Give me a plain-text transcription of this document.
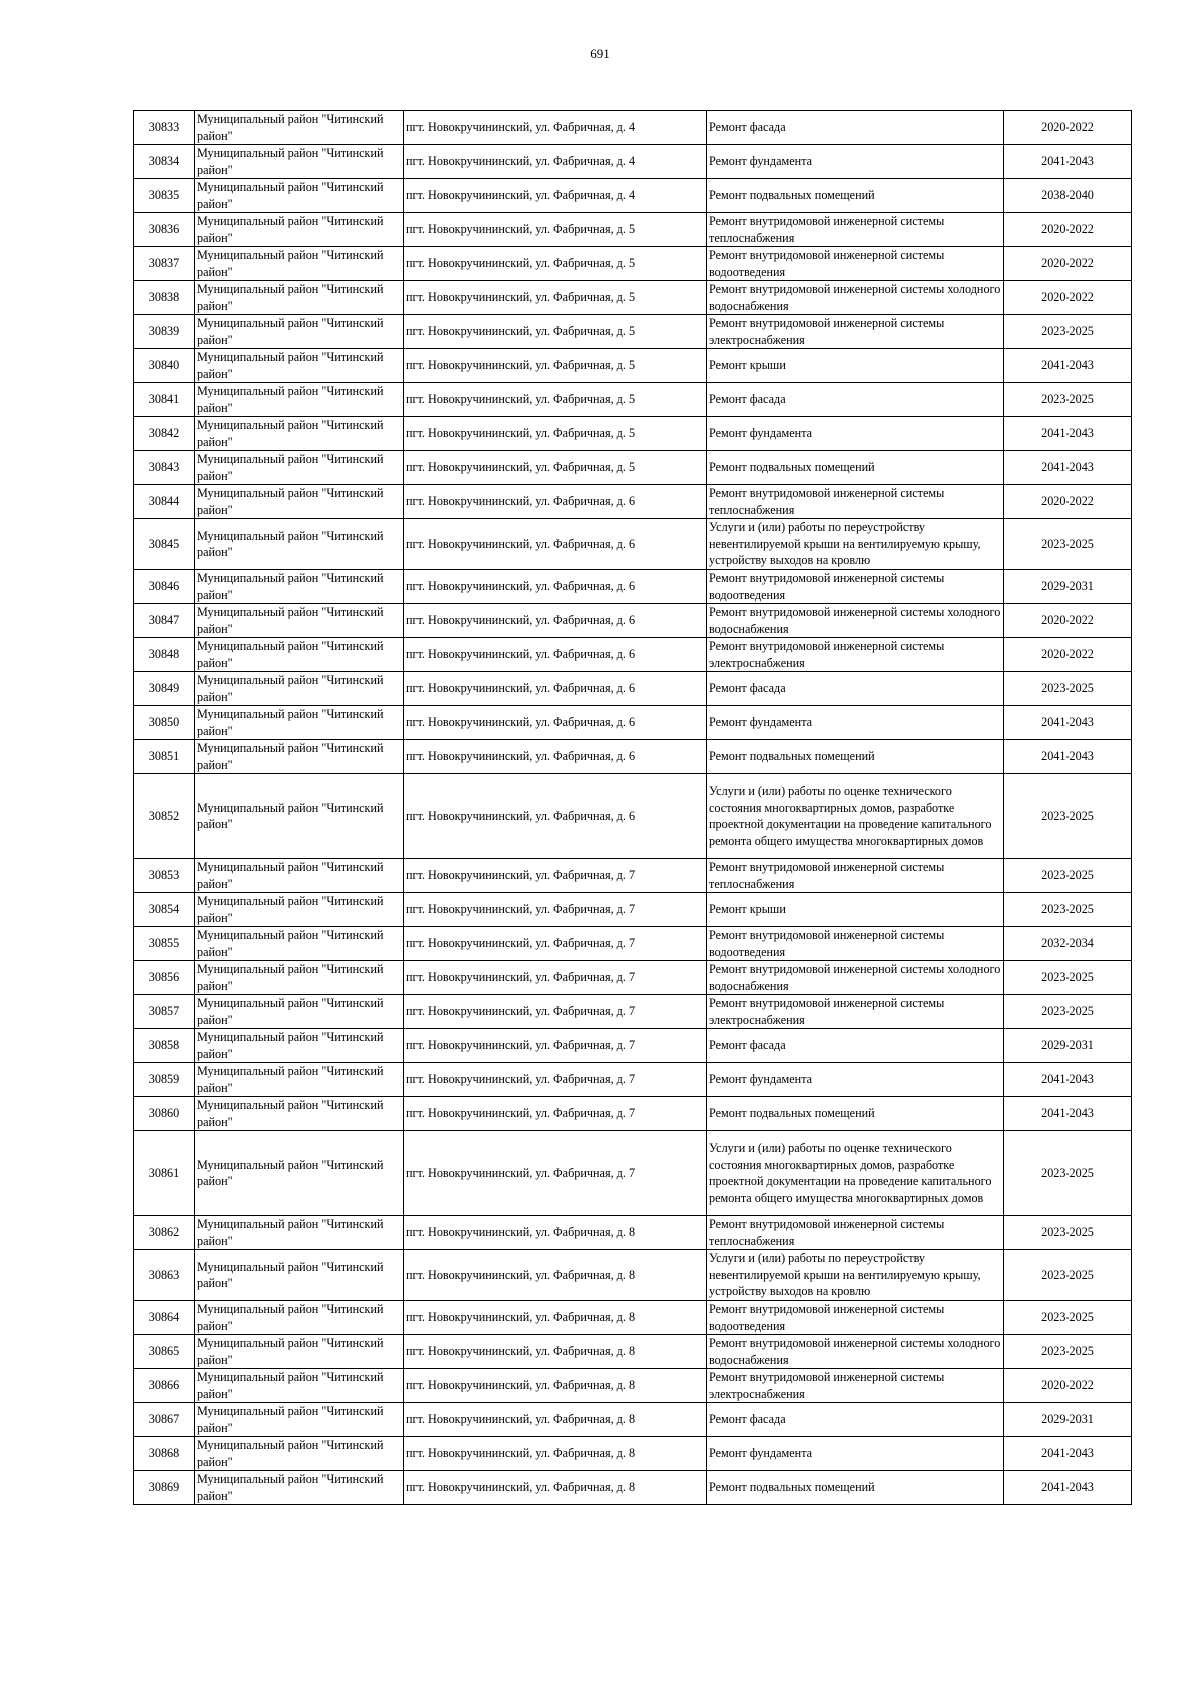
691
30833	Муниципальный район "Читинский район"	пгт. Новокручининский, ул. Фабричная, д. 4	Ремонт фасада	2020-2022
30834	Муниципальный район "Читинский район"	пгт. Новокручининский, ул. Фабричная, д. 4	Ремонт фундамента	2041-2043
30835	Муниципальный район "Читинский район"	пгт. Новокручининский, ул. Фабричная, д. 4	Ремонт подвальных помещений	2038-2040
30836	Муниципальный район "Читинский район"	пгт. Новокручининский, ул. Фабричная, д. 5	Ремонт внутридомовой инженерной системы теплоснабжения	2020-2022
30837	Муниципальный район "Читинский район"	пгт. Новокручининский, ул. Фабричная, д. 5	Ремонт внутридомовой инженерной системы водоотведения	2020-2022
30838	Муниципальный район "Читинский район"	пгт. Новокручининский, ул. Фабричная, д. 5	Ремонт внутридомовой инженерной системы холодного водоснабжения	2020-2022
30839	Муниципальный район "Читинский район"	пгт. Новокручининский, ул. Фабричная, д. 5	Ремонт внутридомовой инженерной системы электроснабжения	2023-2025
30840	Муниципальный район "Читинский район"	пгт. Новокручининский, ул. Фабричная, д. 5	Ремонт крыши	2041-2043
30841	Муниципальный район "Читинский район"	пгт. Новокручининский, ул. Фабричная, д. 5	Ремонт фасада	2023-2025
30842	Муниципальный район "Читинский район"	пгт. Новокручининский, ул. Фабричная, д. 5	Ремонт фундамента	2041-2043
30843	Муниципальный район "Читинский район"	пгт. Новокручининский, ул. Фабричная, д. 5	Ремонт подвальных помещений	2041-2043
30844	Муниципальный район "Читинский район"	пгт. Новокручининский, ул. Фабричная, д. 6	Ремонт внутридомовой инженерной системы теплоснабжения	2020-2022
30845	Муниципальный район "Читинский район"	пгт. Новокручининский, ул. Фабричная, д. 6	Услуги и (или) работы по переустройству невентилируемой крыши на вентилируемую крышу, устройству выходов на кровлю	2023-2025
30846	Муниципальный район "Читинский район"	пгт. Новокручининский, ул. Фабричная, д. 6	Ремонт внутридомовой инженерной системы водоотведения	2029-2031
30847	Муниципальный район "Читинский район"	пгт. Новокручининский, ул. Фабричная, д. 6	Ремонт внутридомовой инженерной системы холодного водоснабжения	2020-2022
30848	Муниципальный район "Читинский район"	пгт. Новокручининский, ул. Фабричная, д. 6	Ремонт внутридомовой инженерной системы электроснабжения	2020-2022
30849	Муниципальный район "Читинский район"	пгт. Новокручининский, ул. Фабричная, д. 6	Ремонт фасада	2023-2025
30850	Муниципальный район "Читинский район"	пгт. Новокручининский, ул. Фабричная, д. 6	Ремонт фундамента	2041-2043
30851	Муниципальный район "Читинский район"	пгт. Новокручининский, ул. Фабричная, д. 6	Ремонт подвальных помещений	2041-2043
30852	Муниципальный район "Читинский район"	пгт. Новокручининский, ул. Фабричная, д. 6	Услуги и (или) работы по оценке технического состояния многоквартирных домов, разработке проектной документации на проведение капитального ремонта общего имущества многоквартирных домов	2023-2025
30853	Муниципальный район "Читинский район"	пгт. Новокручининский, ул. Фабричная, д. 7	Ремонт внутридомовой инженерной системы теплоснабжения	2023-2025
30854	Муниципальный район "Читинский район"	пгт. Новокручининский, ул. Фабричная, д. 7	Ремонт крыши	2023-2025
30855	Муниципальный район "Читинский район"	пгт. Новокручининский, ул. Фабричная, д. 7	Ремонт внутридомовой инженерной системы водоотведения	2032-2034
30856	Муниципальный район "Читинский район"	пгт. Новокручининский, ул. Фабричная, д. 7	Ремонт внутридомовой инженерной системы холодного водоснабжения	2023-2025
30857	Муниципальный район "Читинский район"	пгт. Новокручининский, ул. Фабричная, д. 7	Ремонт внутридомовой инженерной системы электроснабжения	2023-2025
30858	Муниципальный район "Читинский район"	пгт. Новокручининский, ул. Фабричная, д. 7	Ремонт фасада	2029-2031
30859	Муниципальный район "Читинский район"	пгт. Новокручининский, ул. Фабричная, д. 7	Ремонт фундамента	2041-2043
30860	Муниципальный район "Читинский район"	пгт. Новокручининский, ул. Фабричная, д. 7	Ремонт подвальных помещений	2041-2043
30861	Муниципальный район "Читинский район"	пгт. Новокручининский, ул. Фабричная, д. 7	Услуги и (или) работы по оценке технического состояния многоквартирных домов, разработке проектной документации на проведение капитального ремонта общего имущества многоквартирных домов	2023-2025
30862	Муниципальный район "Читинский район"	пгт. Новокручининский, ул. Фабричная, д. 8	Ремонт внутридомовой инженерной системы теплоснабжения	2023-2025
30863	Муниципальный район "Читинский район"	пгт. Новокручининский, ул. Фабричная, д. 8	Услуги и (или) работы по переустройству невентилируемой крыши на вентилируемую крышу, устройству выходов на кровлю	2023-2025
30864	Муниципальный район "Читинский район"	пгт. Новокручининский, ул. Фабричная, д. 8	Ремонт внутридомовой инженерной системы водоотведения	2023-2025
30865	Муниципальный район "Читинский район"	пгт. Новокручининский, ул. Фабричная, д. 8	Ремонт внутридомовой инженерной системы холодного водоснабжения	2023-2025
30866	Муниципальный район "Читинский район"	пгт. Новокручининский, ул. Фабричная, д. 8	Ремонт внутридомовой инженерной системы электроснабжения	2020-2022
30867	Муниципальный район "Читинский район"	пгт. Новокручининский, ул. Фабричная, д. 8	Ремонт фасада	2029-2031
30868	Муниципальный район "Читинский район"	пгт. Новокручининский, ул. Фабричная, д. 8	Ремонт фундамента	2041-2043
30869	Муниципальный район "Читинский район"	пгт. Новокручининский, ул. Фабричная, д. 8	Ремонт подвальных помещений	2041-2043
